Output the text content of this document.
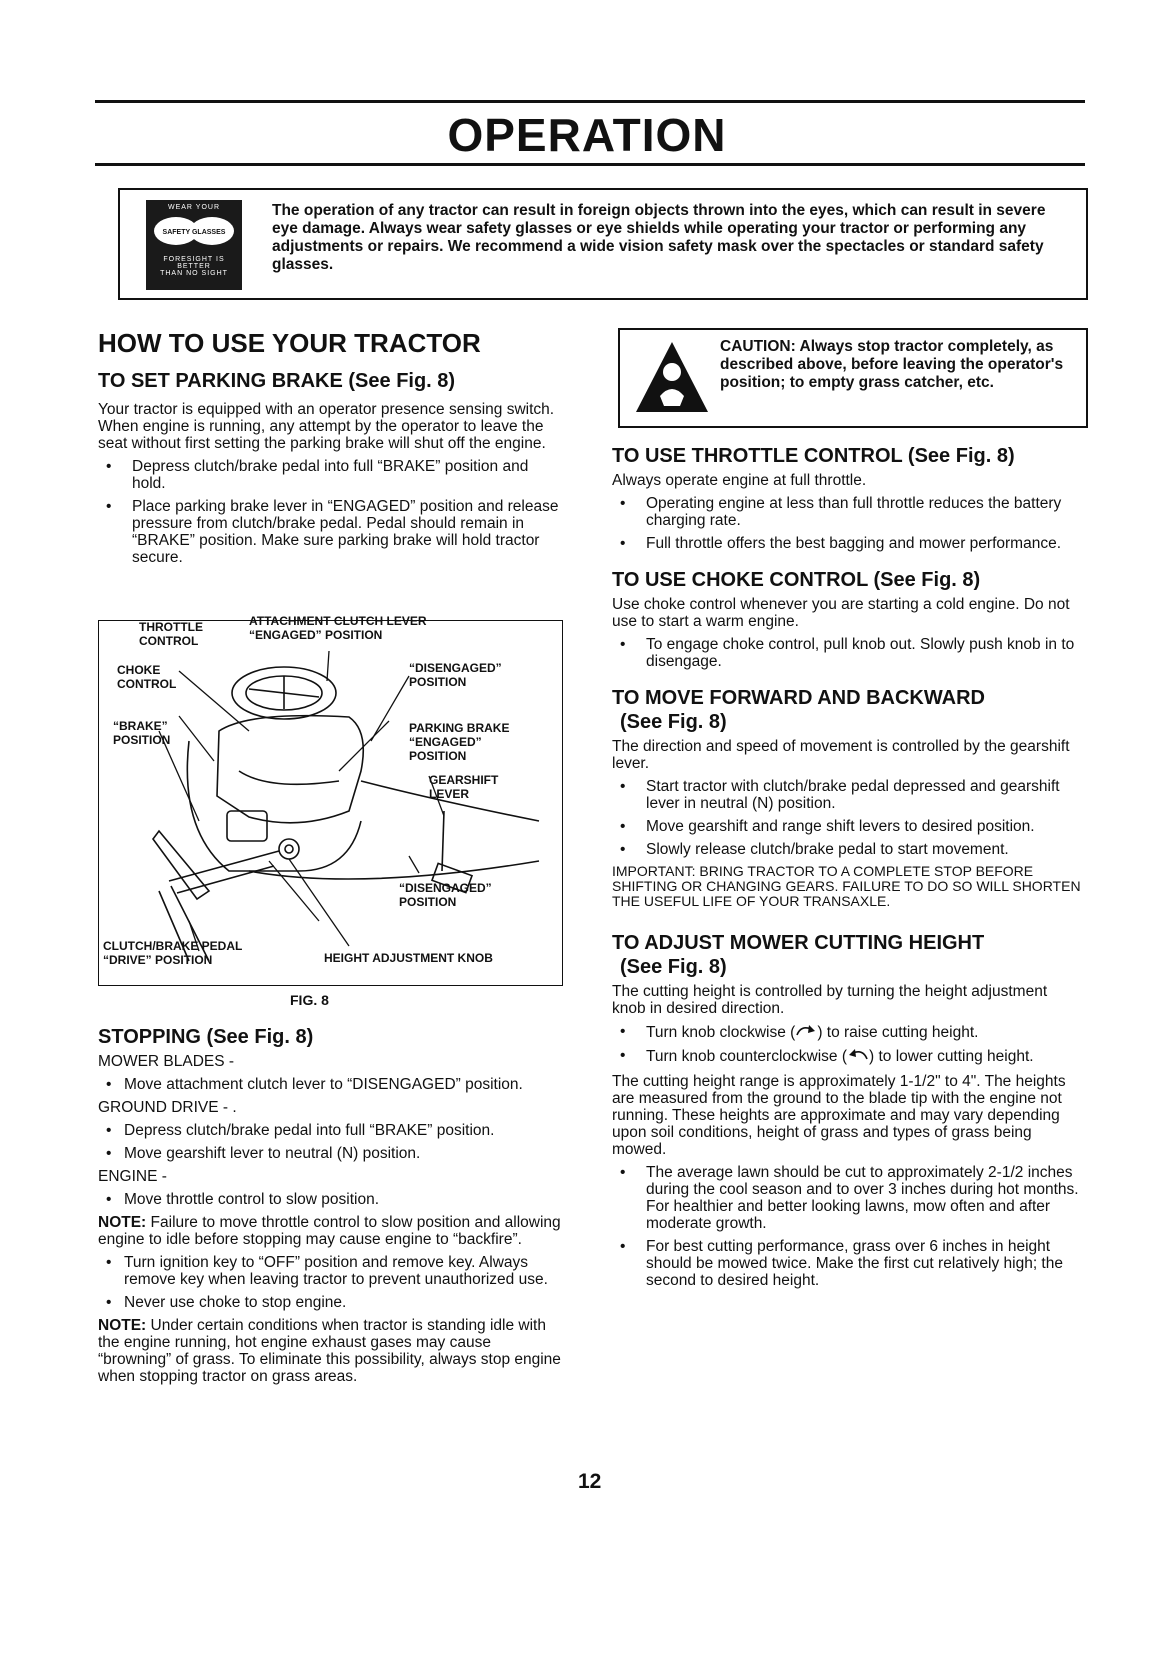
OPERATION
WEAR YOUR
SAFETY GLASSES
FORESIGHT IS BETTER
THAN NO SIGHT
The operation of any tractor can result in foreign objects thrown into the eyes, which can result in severe eye damage. Always wear safety glasses or eye shields while operating your tractor or performing any adjustments or repairs. We recommend a wide vision safety mask over the spectacles or standard safety glasses.
HOW TO USE YOUR TRACTOR
TO SET PARKING BRAKE (See Fig. 8)

Your tractor is equipped with an operator presence sensing switch. When engine is running, any attempt by the operator to leave the seat without first setting the parking brake will shut off the engine.

• Depress clutch/brake pedal into full “BRAKE” position and hold.

• Place parking brake lever in “ENGAGED” position and release pressure from clutch/brake pedal. Pedal should remain in “BRAKE” position. Make sure parking brake will hold tractor secure.

THROTTLE
CONTROL
ATTACHMENT CLUTCH LEVER
“ENGAGED” POSITION
CHOKE
CONTROL
“DISENGAGED”
POSITION
“BRAKE”
POSITION
PARKING BRAKE
“ENGAGED”
POSITION
GEARSHIFT
LEVER
“DISENGAGED”
POSITION
CLUTCH/BRAKE PEDAL
“DRIVE” POSITION	HEIGHT ADJUSTMENT KNOB
FIG. 8
STOPPING (See Fig. 8)

MOWER BLADES -

• Move attachment clutch lever to “DISENGAGED” position.

GROUND DRIVE - .

• Depress clutch/brake pedal into full “BRAKE” position.

• Move gearshift lever to neutral (N) position.

ENGINE -

• Move throttle control to slow position.

NOTE: Failure to move throttle control to slow position and allowing engine to idle before stopping may cause engine to “backfire”.

• Turn ignition key to “OFF” position and remove key. Always remove key when leaving tractor to prevent unauthorized use.

• Never use choke to stop engine.

NOTE: Under certain conditions when tractor is standing idle with the engine running, hot engine exhaust gases may cause “browning” of grass. To eliminate this possibility, always stop engine when stopping tractor on grass areas.

12
CAUTION: Always stop tractor completely, as described above, before leaving the operator's position; to empty grass catcher, etc.
TO USE THROTTLE CONTROL (See Fig. 8)

Always operate engine at full throttle.

• Operating engine at less than full throttle reduces the battery charging rate.

• Full throttle offers the best bagging and mower performance.

TO USE CHOKE CONTROL (See Fig. 8)

Use choke control whenever you are starting a cold engine. Do not use to start a warm engine.

• To engage choke control, pull knob out. Slowly push knob in to disengage.

TO MOVE FORWARD AND BACKWARD
(See Fig. 8)

The direction and speed of movement is controlled by the gearshift lever.

• Start tractor with clutch/brake pedal depressed and gearshift lever in neutral (N) position.

• Move gearshift and range shift levers to desired position.

• Slowly release clutch/brake pedal to start movement.

IMPORTANT: BRING TRACTOR TO A COMPLETE STOP BEFORE SHIFTING OR CHANGING GEARS. FAILURE TO DO SO WILL SHORTEN THE USEFUL LIFE OF YOUR TRANSAXLE.

TO ADJUST MOWER CUTTING HEIGHT
(See Fig. 8)

The cutting height is controlled by turning the height adjustment knob in desired direction.

• Turn knob clockwise ( ) to raise cutting height.

• Turn knob counterclockwise ( ) to lower cutting height.

The cutting height range is approximately 1-1/2" to 4". The heights are measured from the ground to the blade tip with the engine not running. These heights are approximate and may vary depending upon soil conditions, height of grass and types of grass being mowed.

• The average lawn should be cut to approximately 2-1/2 inches during the cool season and to over 3 inches during hot months. For healthier and better looking lawns, mow often and after moderate growth.

• For best cutting performance, grass over 6 inches in height should be mowed twice. Make the first cut relatively high; the second to desired height.
